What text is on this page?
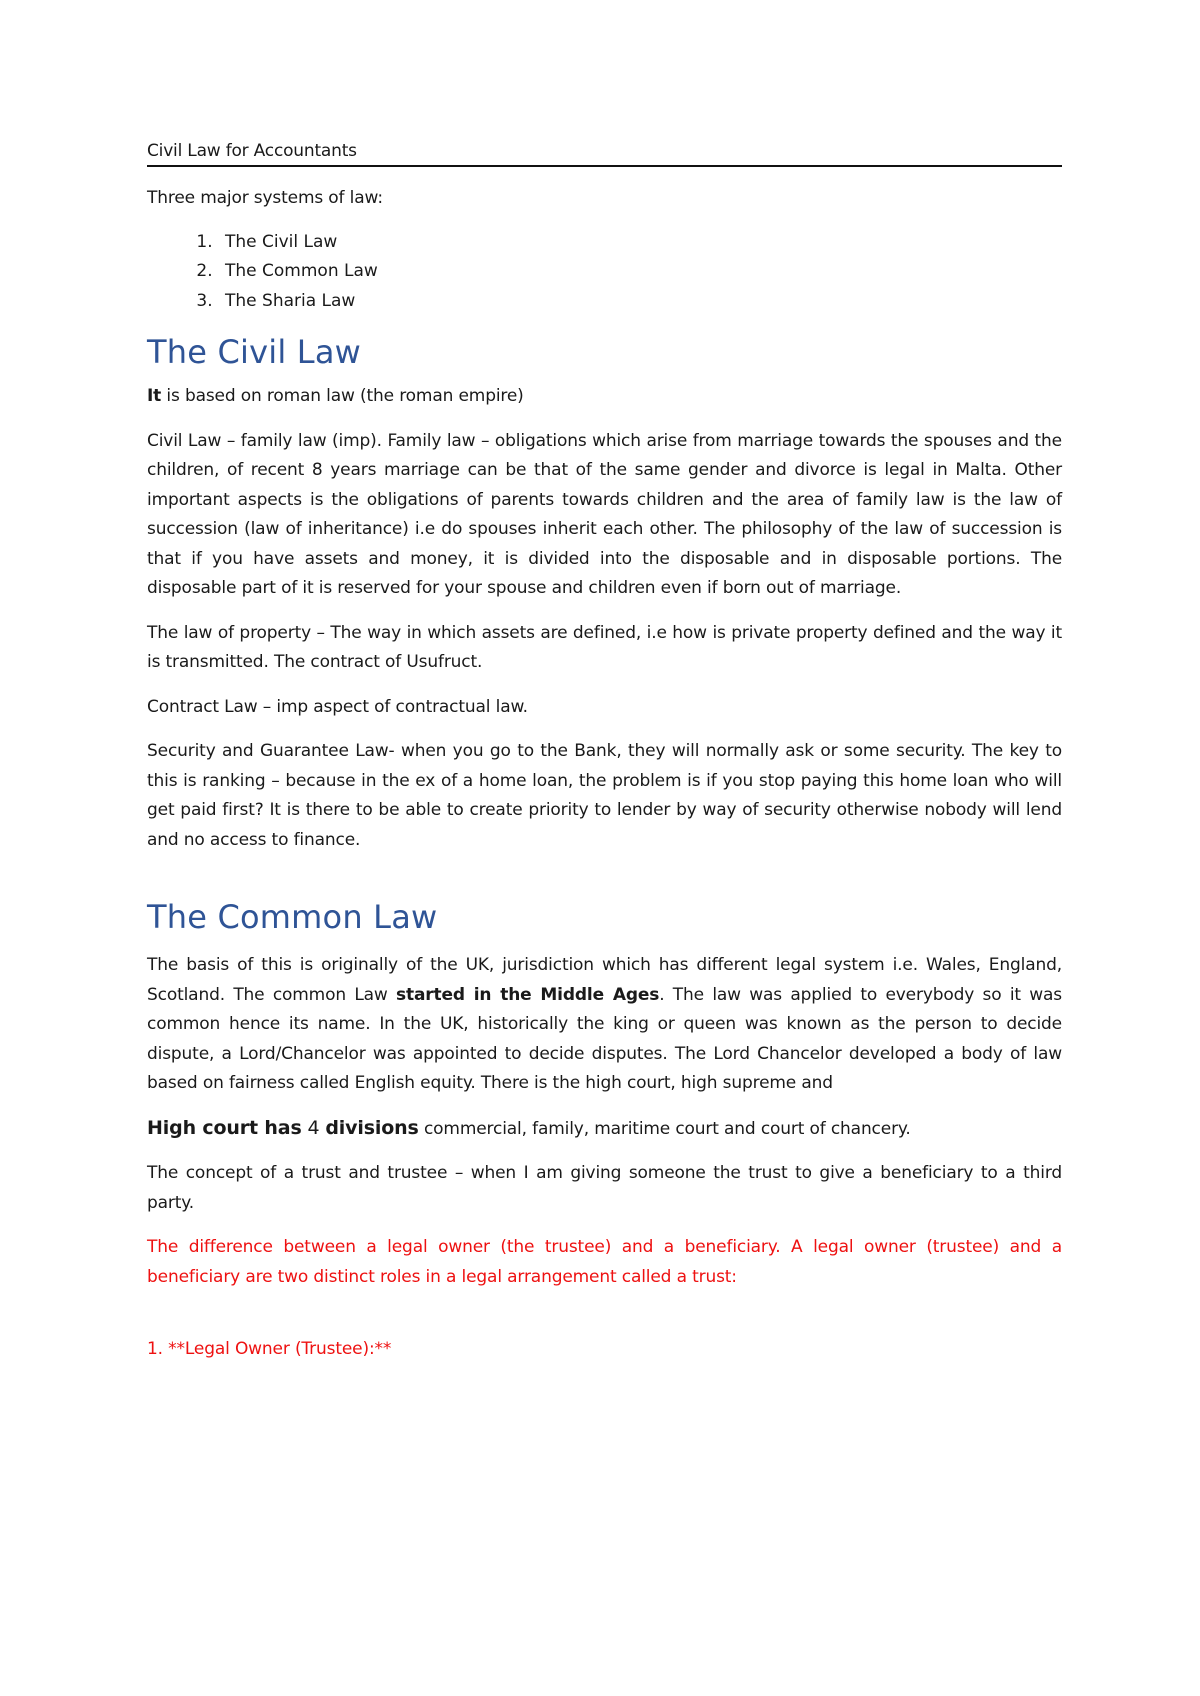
Civil Law for Accountants

Three major systems of law:

1. The Civil Law
2. The Common Law
3. The Sharia Law
The Civil Law

It is based on roman law (the roman empire)

Civil Law – family law (imp). Family law – obligations which arise from marriage towards the spouses and the children, of recent 8 years marriage can be that of the same gender and divorce is legal in Malta. Other important aspects is the obligations of parents towards children and the area of family law is the law of succession (law of inheritance) i.e do spouses inherit each other. The philosophy of the law of succession is that if you have assets and money, it is divided into the disposable and in disposable portions. The disposable part of it is reserved for your spouse and children even if born out of marriage.

The law of property – The way in which assets are defined, i.e how is private property defined and the way it is transmitted. The contract of Usufruct.

Contract Law – imp aspect of contractual law.

Security and Guarantee Law- when you go to the Bank, they will normally ask or some security. The key to this is ranking – because in the ex of a home loan, the problem is if you stop paying this home loan who will get paid first? It is there to be able to create priority to lender by way of security otherwise nobody will lend and no access to finance.

The Common Law

The basis of this is originally of the UK, jurisdiction which has different legal system i.e. Wales, England, Scotland. The common Law started in the Middle Ages. The law was applied to everybody so it was common hence its name. In the UK, historically the king or queen was known as the person to decide dispute, a Lord/Chancelor was appointed to decide disputes. The Lord Chancelor developed a body of law based on fairness called English equity. There is the high court, high supreme and

High court has 4 divisions commercial, family, maritime court and court of chancery.

The concept of a trust and trustee – when I am giving someone the trust to give a beneficiary to a third party.

The difference between a legal owner (the trustee) and a beneficiary. A legal owner (trustee) and a beneficiary are two distinct roles in a legal arrangement called a trust:

1. **Legal Owner (Trustee):**
